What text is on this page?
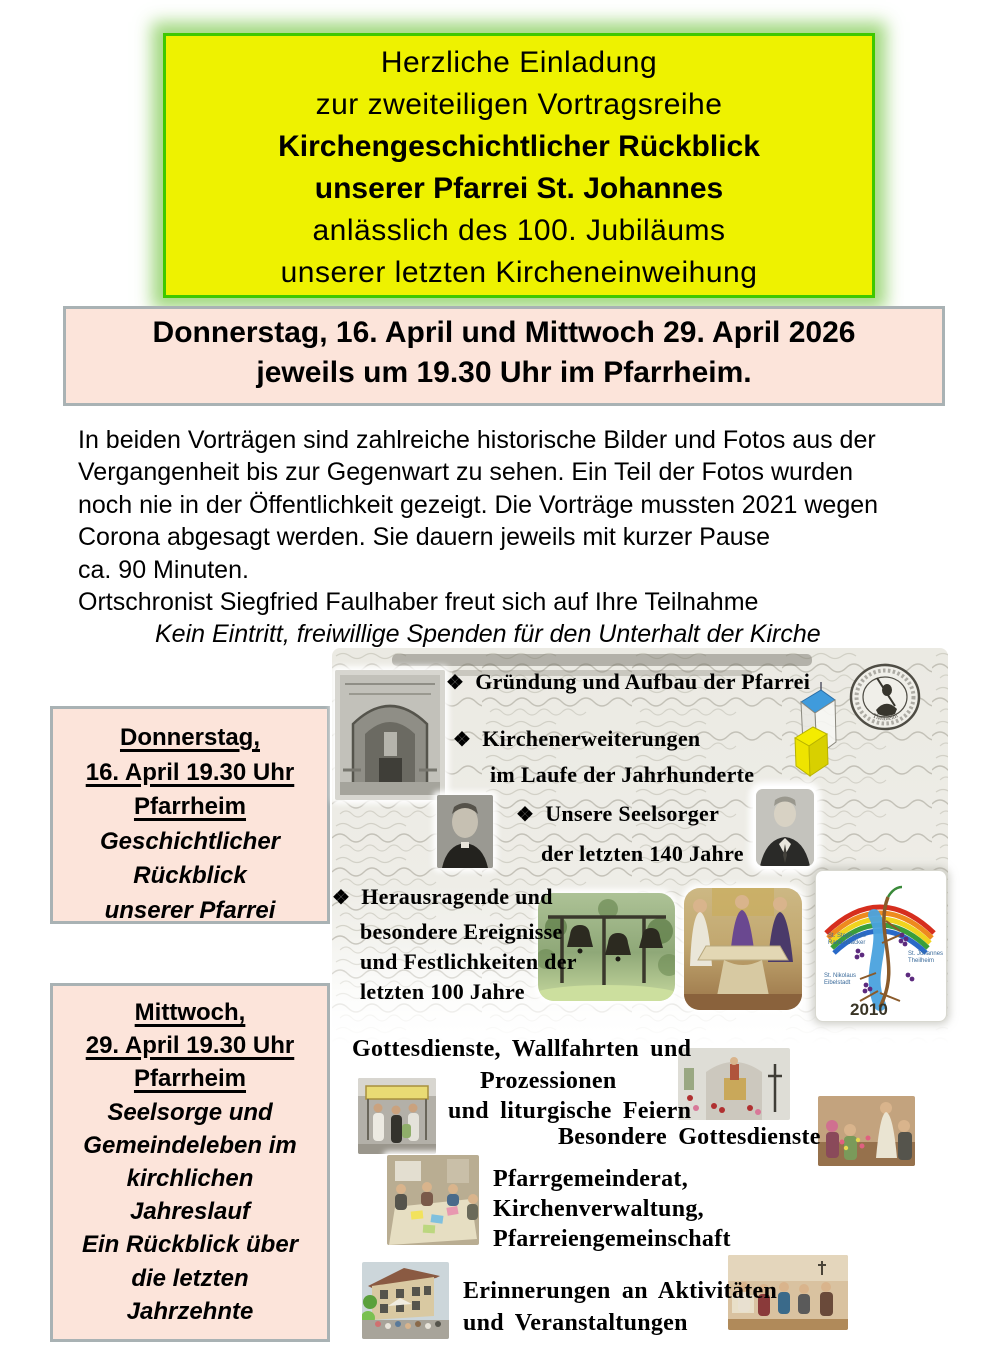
Herzliche Einladung
zur zweiteiligen Vortragsreihe
Kirchengeschichtlicher Rückblick
unserer Pfarrei St. Johannes
anlässlich des 100. Jubiläums
unserer letzten Kircheneinweihung
Donnerstag, 16. April und Mittwoch 29. April 2026
jeweils um 19.30 Uhr im Pfarrheim.
In beiden Vorträgen sind zahlreiche historische Bilder und Fotos aus der
Vergangenheit bis zur Gegenwart zu sehen. Ein Teil der Fotos wurden
noch nie in der Öffentlichkeit gezeigt. Die Vorträge mussten 2021 wegen
Corona abgesagt werden. Sie dauern jeweils mit kurzer Pause
ca. 90 Minuten.
Ortschronist Siegfried Faulhaber freut sich auf Ihre Teilnahme
Kein Eintritt, freiwillige Spenden für den Unterhalt der Kirche
Donnerstag,
16. April 19.30 Uhr
Pfarrheim
Geschichtlicher
Rückblick
unserer Pfarrei
Mittwoch,
29. April 19.30 Uhr
Pfarrheim
Seelsorge und
Gemeindeleben im
kirchlichen
Jahreslauf
Ein Rückblick über
die letzten
Jahrzehnte
Theilheim
St. Stephanus
Randersacker
St. Johannes
Theilheim
St. Nikolaus
Eibelstadt
2010
❖ Gründung und Aufbau der Pfarrei
❖ Kirchenerweiterungen
im Laufe der Jahrhunderte
❖ Unsere Seelsorger
der letzten 140 Jahre
❖ Herausragende und
besondere Ereignisse
und Festlichkeiten der
letzten 100 Jahre
Gottesdienste, Wallfahrten und
Prozessionen
und liturgische Feiern
Besondere Gottesdienste
Pfarrgemeinderat,
Kirchenverwaltung,
Pfarreiengemeinschaft
Erinnerungen an Aktivitäten
und Veranstaltungen
